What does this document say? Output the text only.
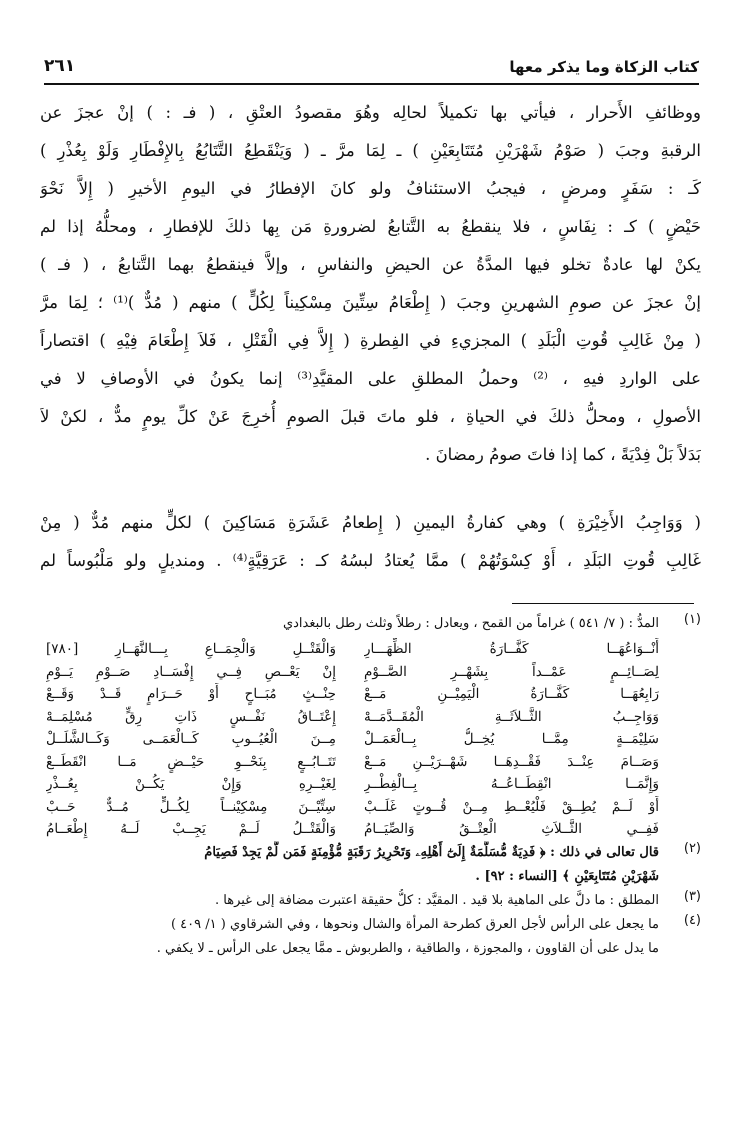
كتاب الزكاة وما يذكر معها
٢٦١
ووظائفِ الأَحرار ، فيأتي بها تكميلاً لحالِه وهُوَ مقصودُ العتْقِ ، ( فـ : ) إنْ عجزَ عن
الرقبةِ وجبَ ( صَوْمُ شَهْرَيْنِ مُتَتَابِعَيْنِ ) ـ لِمَا مرَّ ـ ( وَيَنْقَطِعُ التَّتَابُعُ بِالإِفْطَارِ وَلَوْ بِعُذْرِ )
كَـ : سَفَرٍ ومرضٍ ، فيجبُ الاستئنافُ ولو كانَ الإفطارُ في اليومِ الأخيرِ ( إِلاَّ نَحْوَ
حَيْضٍ ) كـ : نِفَاسٍ ، فلا ينقطعُ به التَّتابعُ لضرورةِ مَن بِها ذلكَ للإفطارِ ، ومحلُّهُ إذا لم
يكنْ لها عادةٌ تخلو فيها المدَّةُ عن الحيضِ والنفاسِ ، وإلاَّ فينقطعُ بهما التَّتابعُ ، ( فـ )
إنْ عجزَ عن صومِ الشهرينِ وجبَ ( إِطْعَامُ سِتِّينَ مِسْكِيناً لِكُلٍّ ) منهم ( مُدٌّ )⁽¹⁾ ؛ لِمَا مرَّ
( مِنْ غَالِبِ قُوتِ الْبَلَدِ ) المجزيءِ في الفِطرةِ ( إِلاَّ فِي الْقَتْلِ ، فَلاَ إِطْعَامَ فِيْهِ ) اقتصاراً
على الواردِ فيهِ ، ⁽²⁾ وحملُ المطلقِ على المقيَّدِ⁽³⁾ إنما يكونُ في الأوصافِ لا في
الأصولِ ، ومحلُّ ذلكَ في الحياةِ ، فلو ماتَ قبلَ الصومِ أُخرِجَ عَنْ كلِّ يومٍ مدٌّ ، لكنْ لاَ
بَدَلاً بَلْ فِدْيَةً ، كما إذا فاتَ صومُ رمضانَ .
( وَوَاجِبُ الأَخِيْرَةِ ) وهي كفارةُ اليمينِ ( إِطعامُ عَشَرَةِ مَسَاكِينَ ) لكلٍّ منهم مُدٌّ ( مِنْ
غَالِبِ قُوتِ البَلَدِ ، أَوْ كِسْوَتُهُمْ ) ممَّا يُعتادُ لبسُهُ كـ : عَرَقِيَّةٍ⁽⁴⁾ . ومنديلٍ ولو مَلْبُوساً لم
(١)
المدُّ : ( ٧/ ٥٤١ ) غراماً من القمح ، ويعادل : رطلاً وثلث رطل بالبغدادي
أَنْــوَاعُهَــا كَفَّــارَةُ الظِّهَـــارِ
وَالْقَتْــلِ وَالْجِمَــاعِ بِـــالنَّهَــارِ [٧٨٠]
لِصَــائِــمٍ عَمْــداً بِشَهْــرِ الصَّــوْمِ
إِنْ يَعْــصِ فِــي إِفْسَــادِ صَــوْمِ يَــوْمِ
رَابِعُهَــا كَفَّــارَةُ الْيَمِيْــنِ مَــعْ
حِنْــثٍ مُبَــاحٍ أَوْ حَــرَامٍ قَــدْ وَقَــعْ
وَوَاجِــبُ الثَّــلاَثَــةِ الْمُقَــدَّمَــهْ
إِعْتَــاقُ نَفْــسٍ ذَاتِ رِقٍّ مُسْلِمَــهْ
سَلِيْمَــةٍ مِمَّــا يُخِــلُّ بِــالْعَمَــلْ
مِــنَ الْعُيُــوبِ كَــالْعَمَــى وَكَــالشَّلَــلْ
وَصَــامَ عِنْــدَ فَقْــدِهَــا شَهْــرَيْــنِ مَــعْ
تَتَــابُــعٍ بِنَحْــوِ حَيْــضٍ مَــا انْقَطَــعْ
وَإِنَّمَــا انْقِطَــاعُــهُ بِــالْفِطْــرِ
لِغَيْــرِهِ وَإِنْ يَكُــنْ بِعُــذْرِ
أَوْ لَــمْ يُطِــقْ فَلْيُعْــطِ مِــنْ قُــوتٍ غَلَــبْ
سِتِّيْــنَ مِسْكِيْنــاً لِكُــلٍّ مُــدٌّ حَــبْ
فَفِــي الثَّــلاَثِ الْعِتْــقُ وَالصِّيَــامُ
وَالْقَتْــلُ لَــمْ يَجِــبْ لَــهُ إِطْعَــامُ
(٢)
قال تعالى في ذلك : ﴿ فَدِيَةٌ مُّسَلَّمَةٌ إِلَىٰٓ أَهْلِهِۦ وَتَحْرِيرُ رَقَبَةٍ مُّؤْمِنَةٍ فَمَن لَّمْ يَجِدْ فَصِيَامُ
شَهْرَيْنِ مُتَتَابِعَيْنِ ﴾ [النساء : ٩٢] .
(٣)
المطلق : ما دلَّ على الماهية بلا قيد . المقيَّد : كلُّ حقيقة اعتبرت مضافة إلى غيرها .
(٤)
ما يجعل على الرأس لأجل العرق كطرحة المرأة والشال ونحوها ، وفي الشرقاوي ( ١/ ٤٠٩ )
ما يدل على أن القاوون ، والمجوزة ، والطاقية ، والطربوش ـ ممَّا يجعل على الرأس ـ لا يكفي .
